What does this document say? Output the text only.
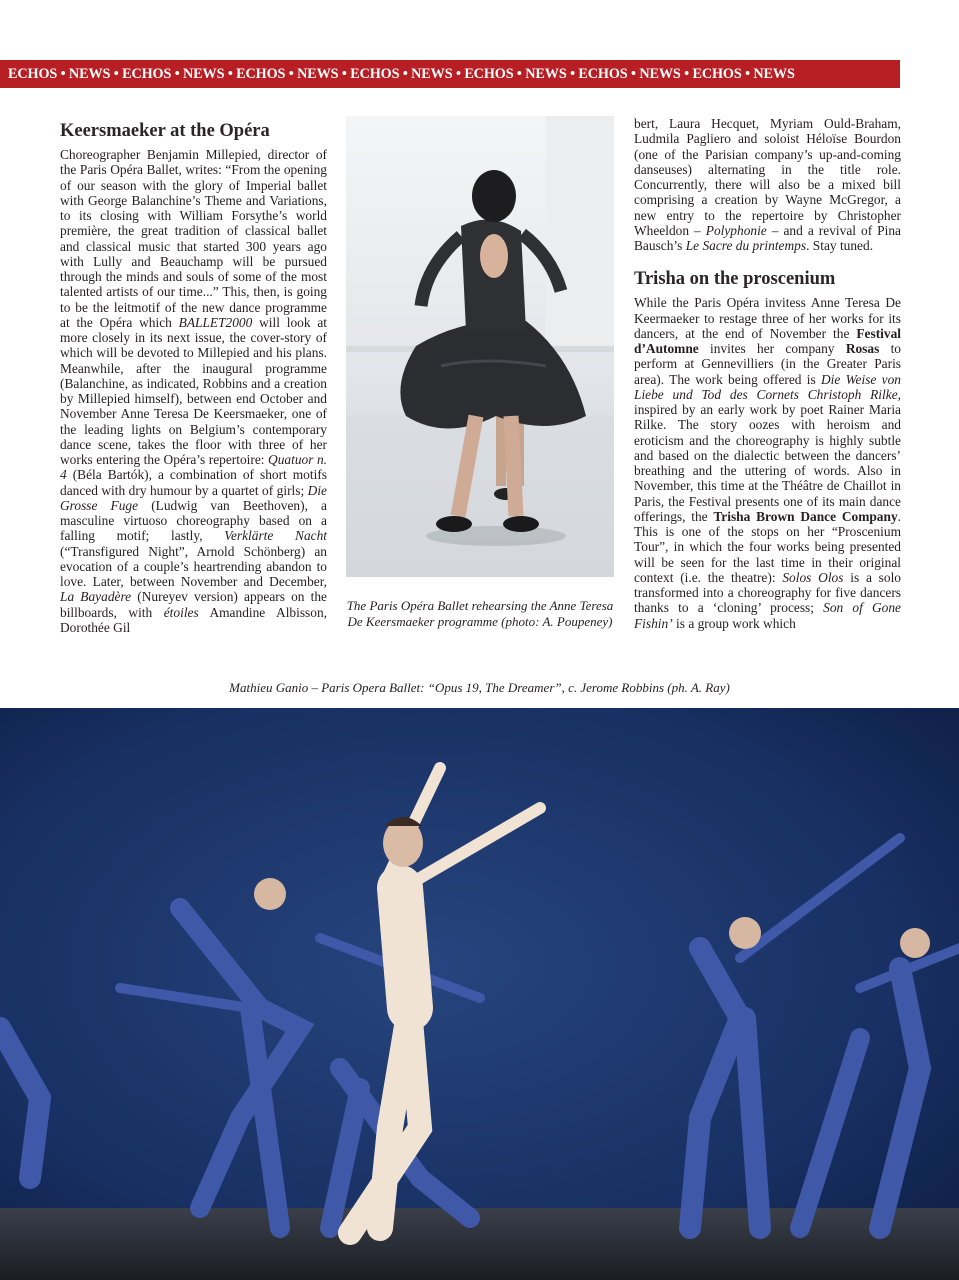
ECHOS • NEWS • ECHOS • NEWS • ECHOS • NEWS • ECHOS • NEWS • ECHOS • NEWS • ECHOS • NEWS • ECHOS • NEWS
Keersmaeker at the Opéra

Choreographer Benjamin Millepied, director of the Paris Opéra Ballet, writes: “From the opening of our season with the glory of Imperial ballet with George Balanchine’s Theme and Variations, to its closing with William Forsythe’s world première, the great tradition of classical ballet and classical music that started 300 years ago with Lully and Beauchamp will be pursued through the minds and souls of some of the most talented artists of our time...” This, then, is going to be the leitmotif of the new dance programme at the Opéra which BALLET2000 will look at more closely in its next issue, the cover-story of which will be devoted to Millepied and his plans. Meanwhile, after the inaugural programme (Balanchine, as indicated, Robbins and a creation by Millepied himself), between end October and November Anne Teresa De Keersmaeker, one of the leading lights on Belgium’s contemporary dance scene, takes the floor with three of her works entering the Opéra’s repertoire: Quatuor n. 4 (Béla Bartók), a combination of short motifs danced with dry humour by a quartet of girls; Die Grosse Fuge (Ludwig van Beethoven), a masculine virtuoso choreography based on a falling motif; lastly, Verklärte Nacht (“Transfigured Night”, Arnold Schönberg) an evocation of a couple’s heartrending abandon to love. Later, between November and December, La Bayadère (Nureyev version) appears on the billboards, with étoiles Amandine Albisson, Dorothée Gil

The Paris Opéra Ballet rehearsing the Anne Teresa De Keersmaeker programme (photo: A. Poupeney)

bert, Laura Hecquet, Myriam Ould-Braham, Ludmila Pagliero and soloist Héloïse Bourdon (one of the Parisian company’s up-and-coming danseuses) alternating in the title role. Concurrently, there will also be a mixed bill comprising a creation by Wayne McGregor, a new entry to the repertoire by Christopher Wheeldon – Polyphonie – and a revival of Pina Bausch’s Le Sacre du printemps. Stay tuned.

Trisha on the proscenium

While the Paris Opéra invitess Anne Teresa De Keermaeker to restage three of her works for its dancers, at the end of November the Festival d’Automne invites her company Rosas to perform at Gennevilliers (in the Greater Paris area). The work being offered is Die Weise von Liebe und Tod des Cornets Christoph Rilke, inspired by an early work by poet Rainer Maria Rilke. The story oozes with heroism and eroticism and the choreography is highly subtle and based on the dialectic between the dancers’ breathing and the uttering of words. Also in November, this time at the Théâtre de Chaillot in Paris, the Festival presents one of its main dance offerings, the Trisha Brown Dance Company. This is one of the stops on her “Proscenium Tour”, in which the four works being presented will be seen for the last time in their original context (i.e. the theatre): Solos Olos is a solo transformed into a choreography for five dancers thanks to a ‘cloning’ process; Son of Gone Fishin’ is a group work which

Mathieu Ganio – Paris Opera Ballet: “Opus 19, The Dreamer”, c. Jerome Robbins (ph. A. Ray)
